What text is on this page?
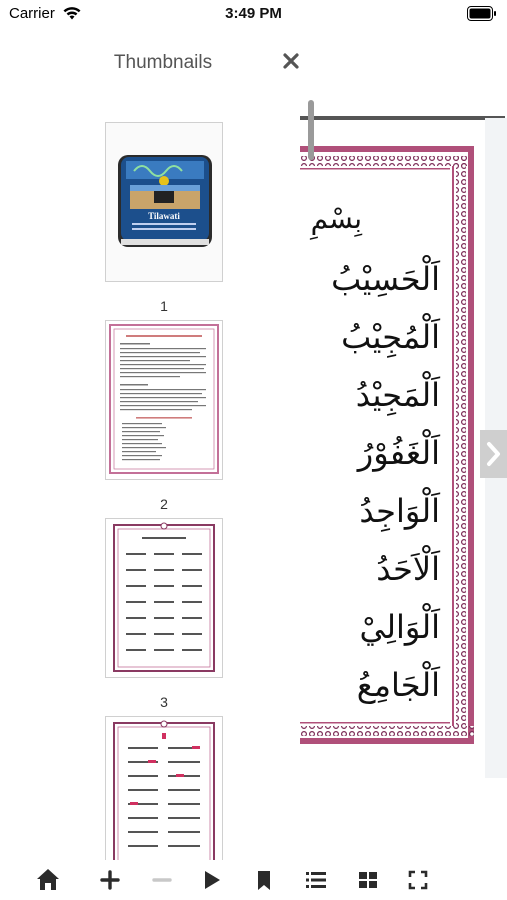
Carrier	3:49 PM
Thumbnails
Tilawati
1
2
3
بِسْمِ
اَلْحَسِيْبُ
اَلْمُجِيْبُ
اَلْمَجِيْدُ
اَلْغَفُوْرُ
اَلْوَاجِدُ
اَلْاَحَدُ
اَلْوَالِيْ
اَلْجَامِعُ
